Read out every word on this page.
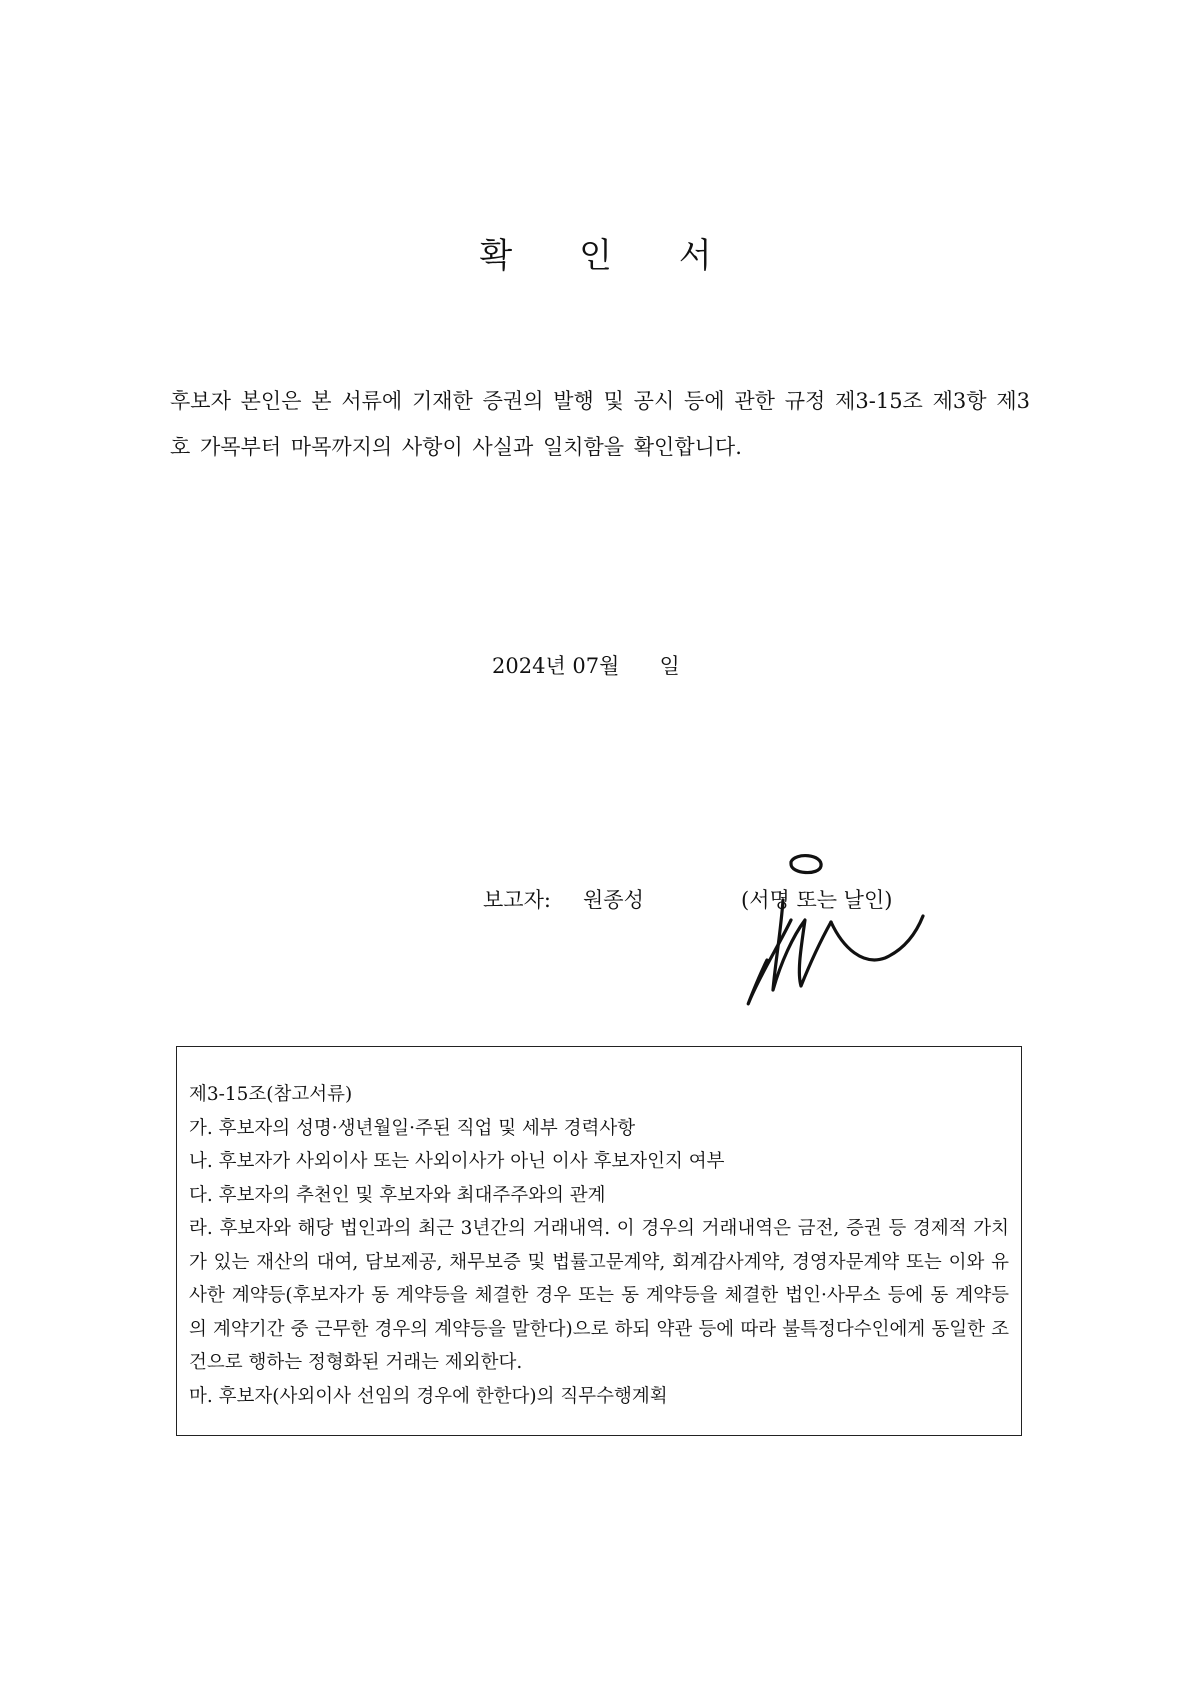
확 인 서
후보자 본인은 본 서류에 기재한 증권의 발행 및 공시 등에 관한 규정 제3-15조 제3항 제3호 가목부터 마목까지의 사항이 사실과 일치함을 확인합니다.
2024년 07월      일
보고자: 원종성	(서명 또는 날인)
제3-15조(참고서류)
가. 후보자의 성명·생년월일·주된 직업 및 세부 경력사항
나. 후보자가 사외이사 또는 사외이사가 아닌 이사 후보자인지 여부
다. 후보자의 추천인 및 후보자와 최대주주와의 관계
라. 후보자와 해당 법인과의 최근 3년간의 거래내역. 이 경우의 거래내역은 금전, 증권 등 경제적 가치가 있는 재산의 대여, 담보제공, 채무보증 및 법률고문계약, 회계감사계약, 경영자문계약 또는 이와 유사한 계약등(후보자가 동 계약등을 체결한 경우 또는 동 계약등을 체결한 법인·사무소 등에 동 계약등의 계약기간 중 근무한 경우의 계약등을 말한다)으로 하되 약관 등에 따라 불특정다수인에게 동일한 조건으로 행하는 정형화된 거래는 제외한다.
마. 후보자(사외이사 선임의 경우에 한한다)의 직무수행계획
